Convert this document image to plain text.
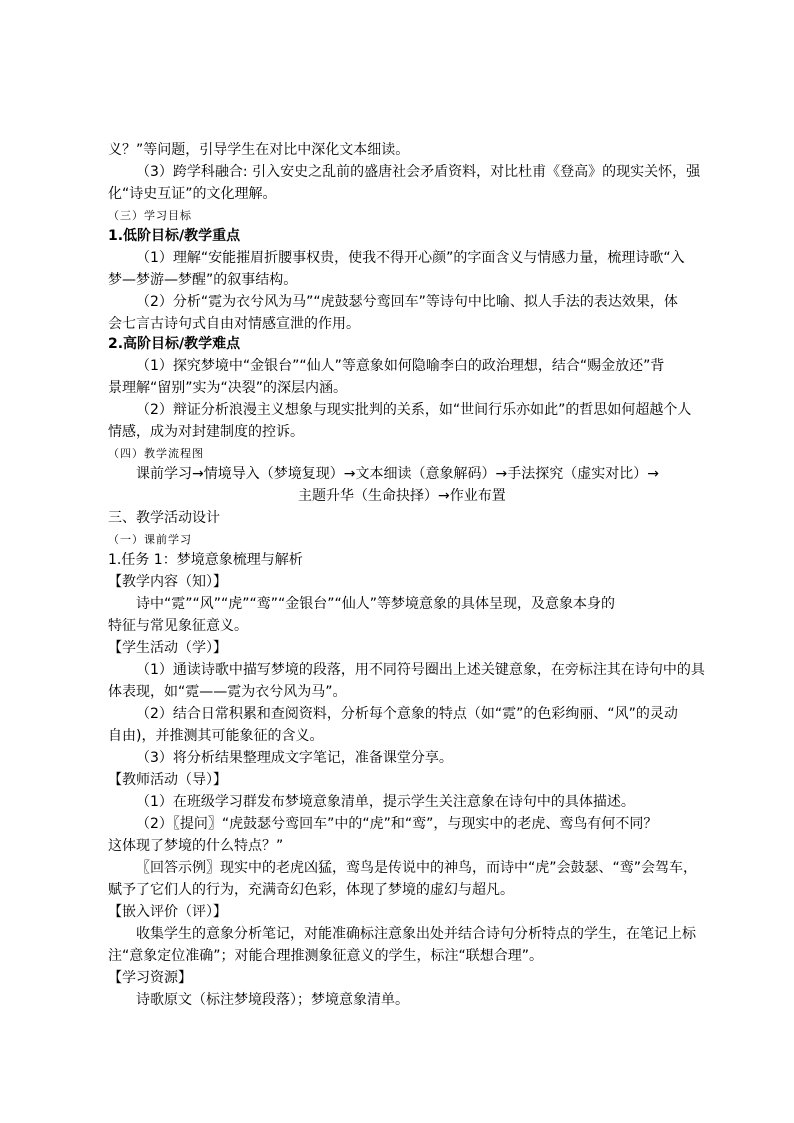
义？”等问题，引导学生在对比中深化文本细读。
（3）跨学科融合: 引入安史之乱前的盛唐社会矛盾资料，对比杜甫《登高》的现实关怀，强
化“诗史互证”的文化理解。
（三）学习目标
1.低阶目标/教学重点
（1）理解“安能摧眉折腰事权贵，使我不得开心颜”的字面含义与情感力量，梳理诗歌“入
梦—梦游—梦醒”的叙事结构。
（2）分析“霓为衣兮风为马”“虎鼓瑟兮鸾回车”等诗句中比喻、拟人手法的表达效果，体
会七言古诗句式自由对情感宣泄的作用。
2.高阶目标/教学难点
（1）探究梦境中“金银台”“仙人”等意象如何隐喻李白的政治理想，结合“赐金放还”背
景理解“留别”实为“决裂”的深层内涵。
（2）辩证分析浪漫主义想象与现实批判的关系，如“世间行乐亦如此”的哲思如何超越个人
情感，成为对封建制度的控诉。
（四）教学流程图
课前学习→情境导入（梦境复现）→文本细读（意象解码）→手法探究（虚实对比）→
主题升华（生命抉择）→作业布置
三、教学活动设计
（一）课前学习
1.任务 1：梦境意象梳理与解析
【教学内容（知）】
诗中“霓”“风”“虎”“鸾”“金银台”“仙人”等梦境意象的具体呈现，及意象本身的
特征与常见象征意义。
【学生活动（学）】
（1）通读诗歌中描写梦境的段落，用不同符号圈出上述关键意象，在旁标注其在诗句中的具
体表现，如“霓——霓为衣兮风为马”。
（2）结合日常积累和查阅资料，分析每个意象的特点（如“霓”的色彩绚丽、“风”的灵动
自由)，并推测其可能象征的含义。
（3）将分析结果整理成文字笔记，准备课堂分享。
【教师活动（导）】
（1）在班级学习群发布梦境意象清单，提示学生关注意象在诗句中的具体描述。
（2）〖提问〗“虎鼓瑟兮鸾回车”中的“虎”和“鸾”，与现实中的老虎、鸾鸟有何不同？
这体现了梦境的什么特点？”
〖回答示例〗现实中的老虎凶猛，鸾鸟是传说中的神鸟，而诗中“虎”会鼓瑟、“鸾”会驾车，
赋予了它们人的行为，充满奇幻色彩，体现了梦境的虚幻与超凡。
【嵌入评价（评）】
收集学生的意象分析笔记，对能准确标注意象出处并结合诗句分析特点的学生，在笔记上标
注“意象定位准确”；对能合理推测象征意义的学生，标注“联想合理”。
【学习资源】
诗歌原文（标注梦境段落）；梦境意象清单。
